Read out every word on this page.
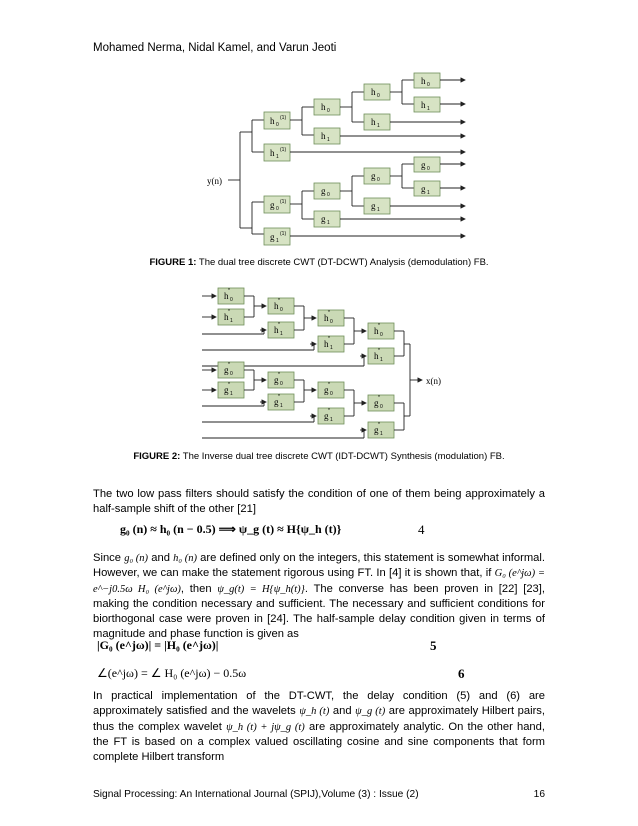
Mohamed Nerma, Nidal Kamel, and Varun Jeoti
y(n)
h 0
(1)
h 1
(1)
g 0
(1)
g 1
(1)
h 0
h 1
g 0
g 1
h 0
h 1
g 0
g 1
h 0
h 1
g 0
g 1
FIGURE 1: The dual tree discrete CWT (DT-DCWT) Analysis (demodulation) FB.
h 0
*
h 1
*
g 0
*
g 1
*
h 0
*
h 1
*
g 0
*
g 1
*
h 0
*
h 1
*
g 0
*
g 1
*
h 0
*
h 1
*
g 0
*
g 1
*
x(n)
FIGURE 2: The Inverse dual tree discrete CWT (IDT-DCWT) Synthesis (modulation) FB.
The two low pass filters should satisfy the condition of one of them being approximately a half-sample shift of the other [21]
g₀ (n) ≈ h₀ (n − 0.5) ⟹ ψ_g (t) ≈ H{ψ_h (t)}	4
Since g₀ (n) and h₀ (n) are defined only on the integers, this statement is somewhat informal. However, we can make the statement rigorous using FT. In [4] it is shown that, if G₀ (e^jω) = e^−j0.5ω H₀ (e^jω), then ψ_g(t) = H{ψ_h(t)}. The converse has been proven in [22] [23], making the condition necessary and sufficient. The necessary and sufficient conditions for biorthogonal case were proven in [24]. The half-sample delay condition given in terms of magnitude and phase function is given as
|G₀ (e^jω)| = |H₀ (e^jω)|	5
∠(e^jω) = ∠ H₀ (e^jω) − 0.5ω	6
In practical implementation of the DT-CWT, the delay condition (5) and (6) are approximately satisfied and the wavelets ψ_h (t) and ψ_g (t) are approximately Hilbert pairs, thus the complex wavelet ψ_h (t) + jψ_g (t) are approximately analytic. On the other hand, the FT is based on a complex valued oscillating cosine and sine components that form complete Hilbert transform
Signal Processing: An International Journal (SPIJ),Volume (3) : Issue (2)	16
